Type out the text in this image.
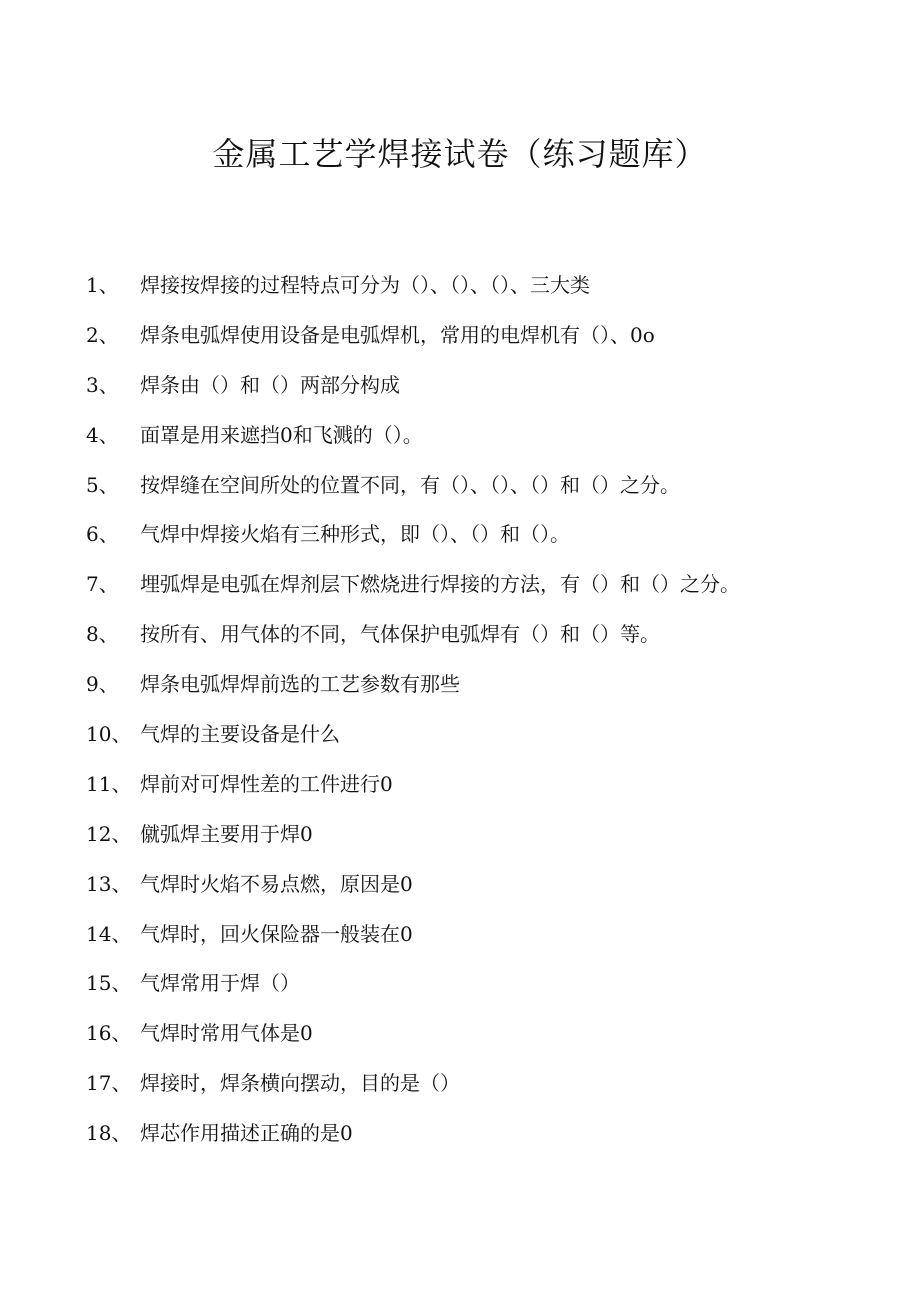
金属工艺学焊接试卷（练习题库）
1、	焊接按焊接的过程特点可分为（）、（）、（）、三大类
2、	焊条电弧焊使用设备是电弧焊机，常用的电焊机有（）、0o
3、	焊条由（）和（）两部分构成
4、	面罩是用来遮挡0和飞溅的（）。
5、	按焊缝在空间所处的位置不同，有（）、（）、（）和（）之分。
6、	气焊中焊接火焰有三种形式，即（）、（）和（）。
7、	埋弧焊是电弧在焊剂层下燃烧进行焊接的方法，有（）和（）之分。
8、	按所有、用气体的不同，气体保护电弧焊有（）和（）等。
9、	焊条电弧焊焊前选的工艺参数有那些
10、 气焊的主要设备是什么
11、 焊前对可焊性差的工件进行0
12、 僦弧焊主要用于焊0
13、 气焊时火焰不易点燃，原因是0
14、 气焊时，回火保险器一般装在0
15、 气焊常用于焊（）
16、 气焊时常用气体是0
17、 焊接时，焊条横向摆动，目的是（）
18、 焊芯作用描述正确的是0
